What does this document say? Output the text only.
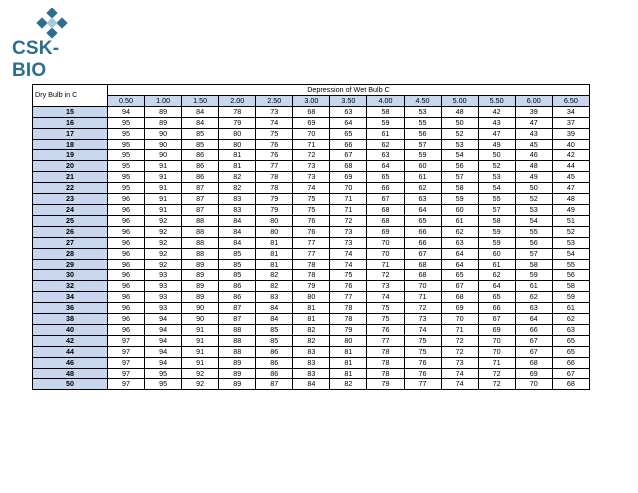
CSK-BIO
Dry Bulb in C	Depression of Wet Bulb C												
	0.50	1.00	1.50	2.00	2.50	3.00	3.50	4.00	4.50	5.00	5.50	6.00	6.50
15	94	89	84	78	73	68	63	58	53	48	42	39	34
16	95	89	84	79	74	69	64	59	55	50	43	47	37
17	95	90	85	80	75	70	65	61	56	52	47	43	39
18	95	90	85	80	76	71	66	62	57	53	49	45	40
19	95	90	86	81	76	72	67	63	59	54	50	46	42
20	95	91	86	81	77	73	68	64	60	56	52	48	44
21	95	91	86	82	78	73	69	65	61	57	53	49	45
22	95	91	87	82	78	74	70	66	62	58	54	50	47
23	96	91	87	83	79	75	71	67	63	59	55	52	48
24	96	91	87	83	79	75	71	68	64	60	57	53	49
25	96	92	88	84	80	76	72	68	65	61	58	54	51
26	96	92	88	84	80	76	73	69	66	62	59	55	52
27	96	92	88	84	81	77	73	70	66	63	59	56	53
28	96	92	88	85	81	77	74	70	67	64	60	57	54
29	96	92	89	85	81	78	74	71	68	64	61	58	55
30	96	93	89	85	82	78	75	72	68	65	62	59	56
32	96	93	89	86	82	79	76	73	70	67	64	61	58
34	96	93	89	86	83	80	77	74	71	68	65	62	59
36	96	93	90	87	84	81	78	75	72	69	66	63	61
38	96	94	90	87	84	81	78	75	73	70	67	64	62
40	96	94	91	88	85	82	79	76	74	71	69	66	63
42	97	94	91	88	85	82	80	77	75	72	70	67	65
44	97	94	91	88	86	83	81	78	75	72	70	67	65
46	97	94	91	89	86	83	81	78	76	73	71	68	66
48	97	95	92	89	86	83	81	78	76	74	72	69	67
50	97	95	92	89	87	84	82	79	77	74	72	70	68
